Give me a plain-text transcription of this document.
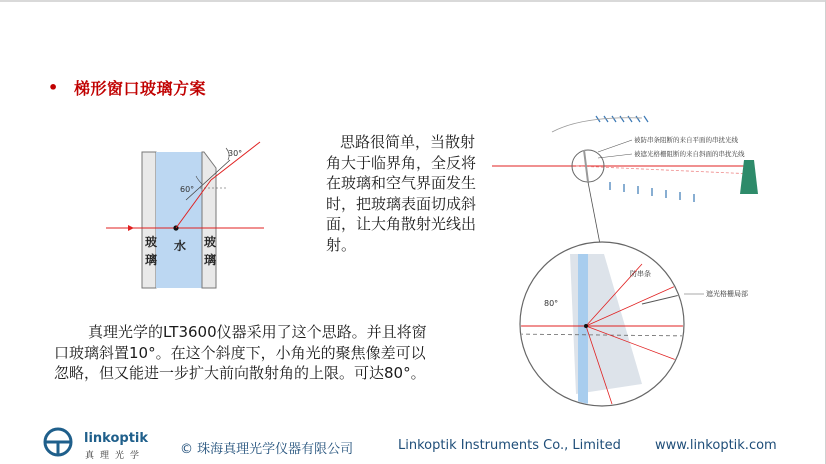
• 梯形窗口玻璃方案
30°
60°
玻
璃
水 玻
璃
思路很简单，当散射角大于临界角，全反将在玻璃和空气界面发生时，把玻璃表面切成斜面，让大角散射光线出射。
被防串条阻断的来自平面的串扰光线
被遮光格栅阻断的来自斜面的串扰光线
防串条
遮光格栅局部
80°
真理光学的LT3600仪器采用了这个思路。并且将窗口玻璃斜置10°。在这个斜度下，小角光的聚焦像差可以忽略，但又能进一步扩大前向散射角的上限。可达80°。
linkoptik
真理光学	© 珠海真理光学仪器有限公司	Linkoptik Instruments Co., Limited	www.linkoptik.com
